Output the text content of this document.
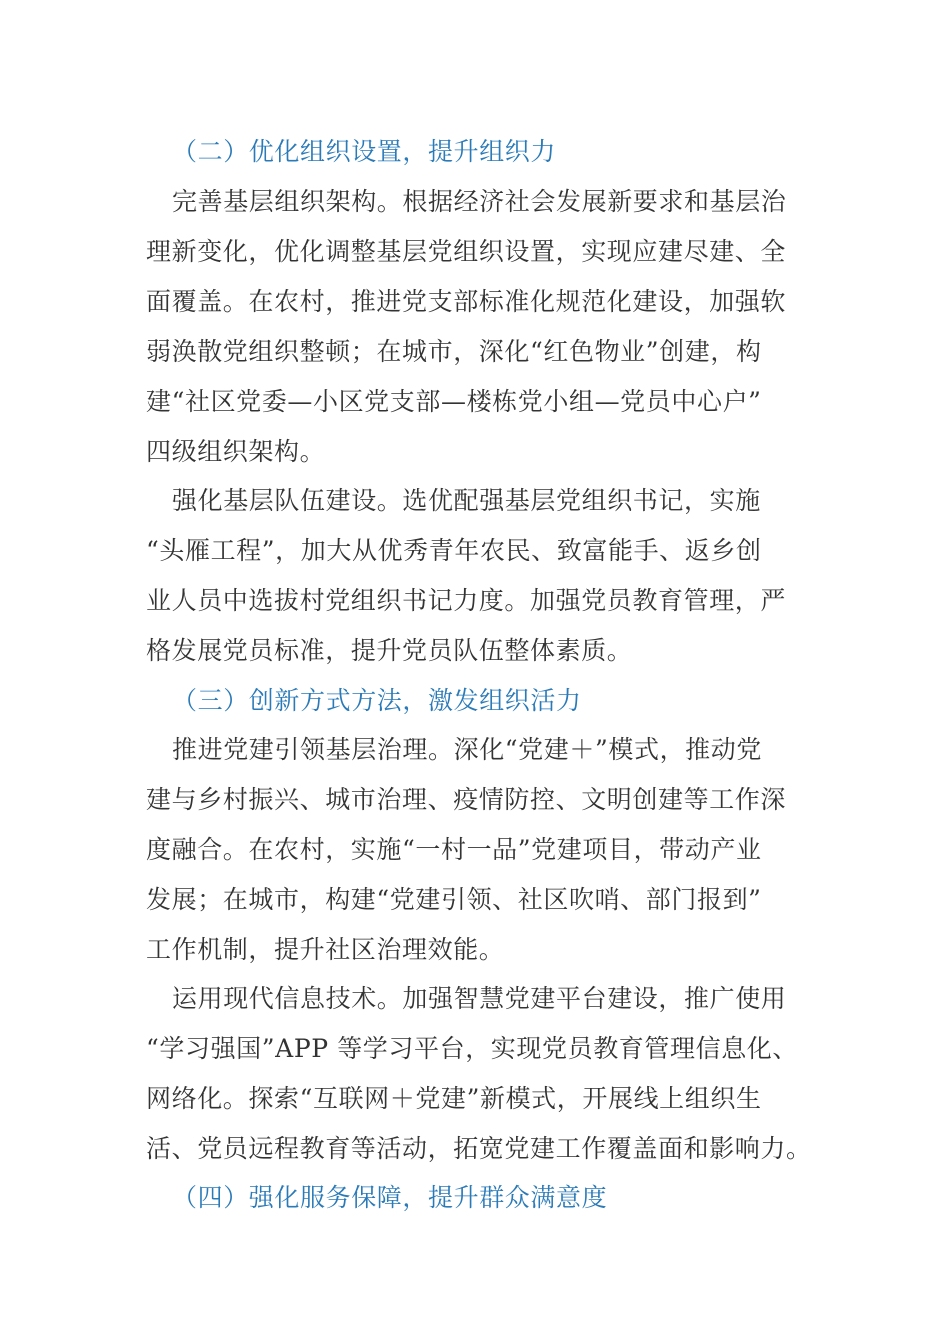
（二）优化组织设置，提升组织力
完善基层组织架构。根据经济社会发展新要求和基层治
理新变化，优化调整基层党组织设置，实现应建尽建、全
面覆盖。在农村，推进党支部标准化规范化建设，加强软
弱涣散党组织整顿；在城市，深化“红色物业”创建，构
建“社区党委—小区党支部—楼栋党小组—党员中心户”
四级组织架构。
强化基层队伍建设。选优配强基层党组织书记，实施
“头雁工程”，加大从优秀青年农民、致富能手、返乡创
业人员中选拔村党组织书记力度。加强党员教育管理，严
格发展党员标准，提升党员队伍整体素质。
（三）创新方式方法，激发组织活力
推进党建引领基层治理。深化“党建＋”模式，推动党
建与乡村振兴、城市治理、疫情防控、文明创建等工作深
度融合。在农村，实施“一村一品”党建项目，带动产业
发展；在城市，构建“党建引领、社区吹哨、部门报到”
工作机制，提升社区治理效能。
运用现代信息技术。加强智慧党建平台建设，推广使用
“学习强国”APP 等学习平台，实现党员教育管理信息化、
网络化。探索“互联网＋党建”新模式，开展线上组织生
活、党员远程教育等活动，拓宽党建工作覆盖面和影响力。
（四）强化服务保障，提升群众满意度
